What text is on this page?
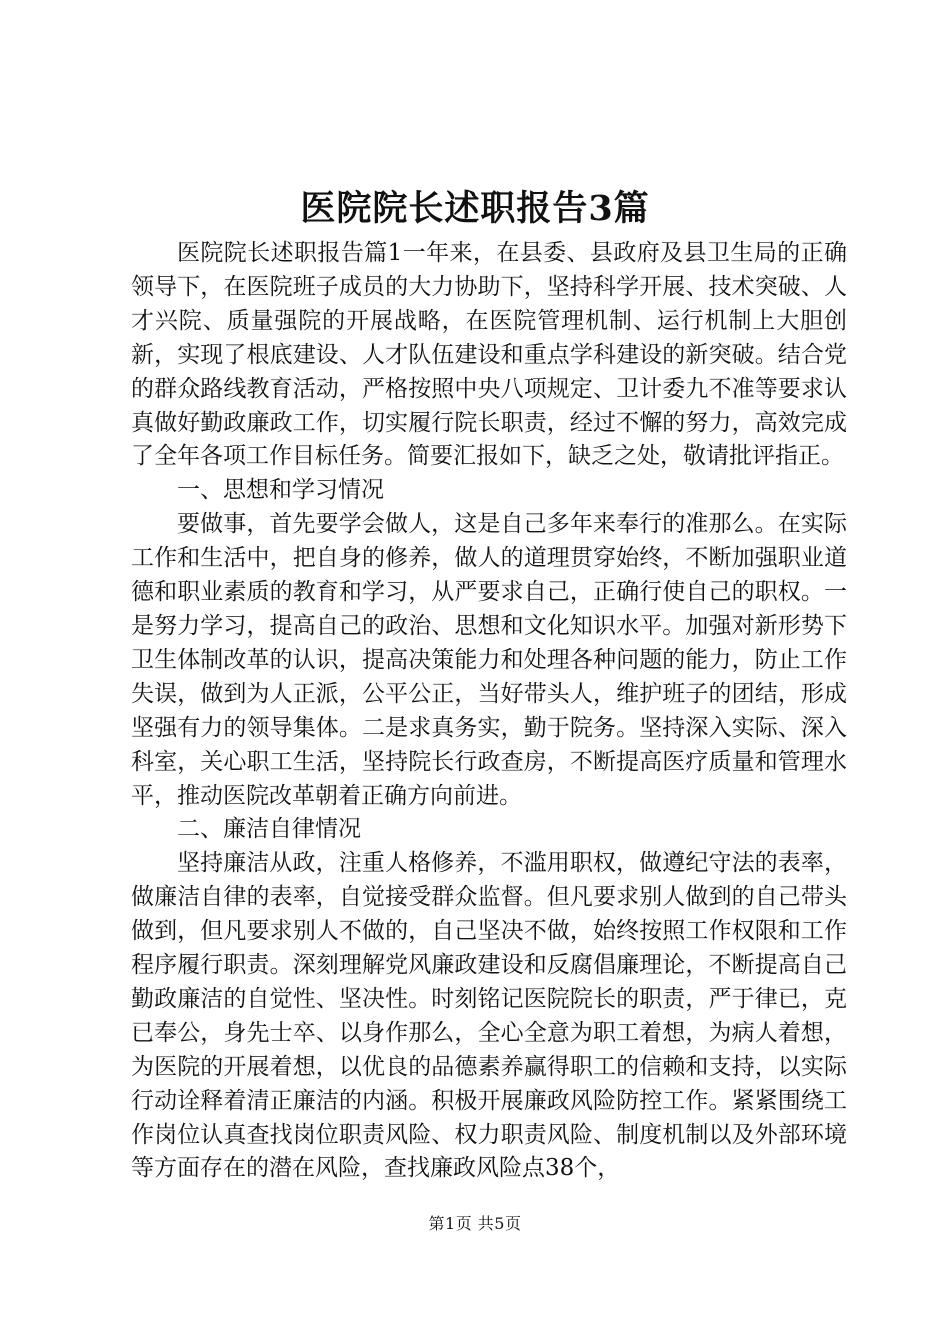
医院院长述职报告3篇

医院院长述职报告篇1一年来，在县委、县政府及县卫生局的正确领导下，在医院班子成员的大力协助下，坚持科学开展、技术突破、人才兴院、质量强院的开展战略，在医院管理机制、运行机制上大胆创新，实现了根底建设、人才队伍建设和重点学科建设的新突破。结合党的群众路线教育活动，严格按照中央八项规定、卫计委九不准等要求认真做好勤政廉政工作，切实履行院长职责，经过不懈的努力，高效完成了全年各项工作目标任务。简要汇报如下，缺乏之处，敬请批评指正。

一、思想和学习情况

要做事，首先要学会做人，这是自己多年来奉行的准那么。在实际工作和生活中，把自身的修养，做人的道理贯穿始终，不断加强职业道德和职业素质的教育和学习，从严要求自己，正确行使自己的职权。一是努力学习，提高自己的政治、思想和文化知识水平。加强对新形势下卫生体制改革的认识，提高决策能力和处理各种问题的能力，防止工作失误，做到为人正派，公平公正，当好带头人，维护班子的团结，形成坚强有力的领导集体。二是求真务实，勤于院务。坚持深入实际、深入科室，关心职工生活，坚持院长行政查房，不断提高医疗质量和管理水平，推动医院改革朝着正确方向前进。

二、廉洁自律情况

坚持廉洁从政，注重人格修养，不滥用职权，做遵纪守法的表率，做廉洁自律的表率，自觉接受群众监督。但凡要求别人做到的自己带头做到，但凡要求别人不做的，自己坚决不做，始终按照工作权限和工作程序履行职责。深刻理解党风廉政建设和反腐倡廉理论，不断提高自己勤政廉洁的自觉性、坚决性。时刻铭记医院院长的职责，严于律已，克已奉公，身先士卒、以身作那么，全心全意为职工着想，为病人着想，为医院的开展着想，以优良的品德素养赢得职工的信赖和支持，以实际行动诠释着清正廉洁的内涵。积极开展廉政风险防控工作。紧紧围绕工作岗位认真查找岗位职责风险、权力职责风险、制度机制以及外部环境等方面存在的潜在风险，查找廉政风险点38个，

第1页 共5页
